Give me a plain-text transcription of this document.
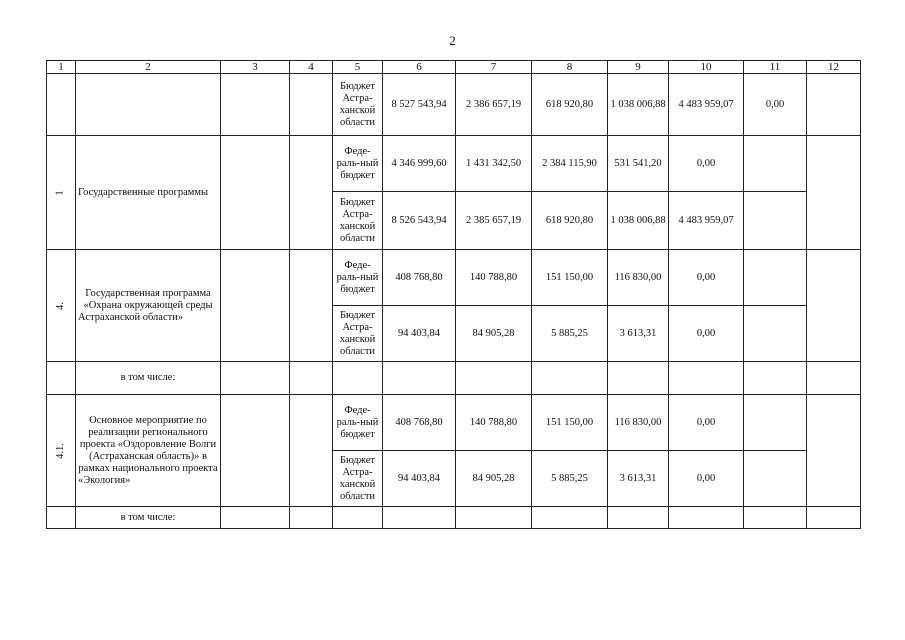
2
1	2	3	4	5	6	7	8	9	10	11	12
				Бюджет Астра-ханской области	8 527 543,94	2 386 657,19	618 920,80	1 038 006,88	4 483 959,07	0,00	
1	Государственные программы			Феде-раль-ный бюджет	4 346 999,60	1 431 342,50	2 384 115,90	531 541,20	0,00		
				Бюджет Астра-ханской области	8 526 543,94	2 385 657,19	618 920,80	1 038 006,88	4 483 959,07		
4.	Государственная программа «Охрана окружающей среды Астраханской области»			Феде-раль-ный бюджет	408 768,80	140 788,80	151 150,00	116 830,00	0,00		
				Бюджет Астра-ханской области	94 403,84	84 905,28	5 885,25	3 613,31	0,00		
	в том числе:										
4.1.	Основное мероприятие по реализации регионального проекта «Оздоровление Волги (Астраханская область)» в рамках национального проекта «Экология»			Феде-раль-ный бюджет	408 768,80	140 788,80	151 150,00	116 830,00	0,00		
				Бюджет Астра-ханской области	94 403,84	84 905,28	5 885,25	3 613,31	0,00		
	в том числе:										
